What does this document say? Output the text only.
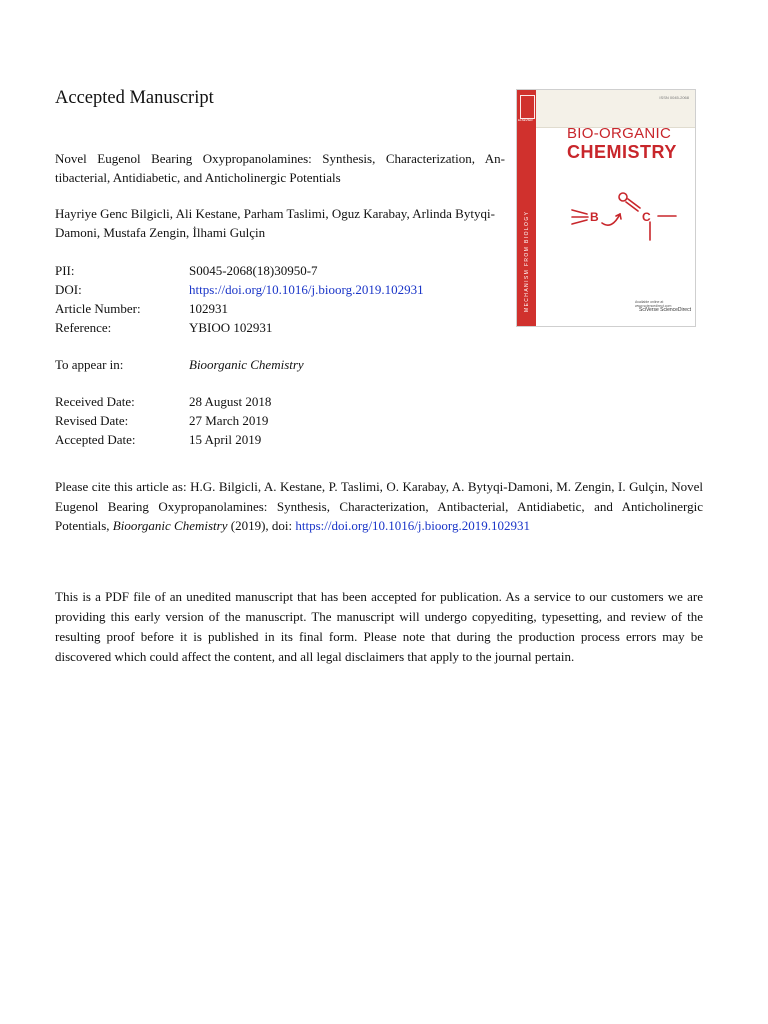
Accepted Manuscript
Novel Eugenol Bearing Oxypropanolamines: Synthesis, Characterization, An-tibacterial, Antidiabetic, and Anticholinergic Potentials
Hayriye Genc Bilgicli, Ali Kestane, Parham Taslimi, Oguz Karabay, Arlinda Bytyqi-Damoni, Mustafa Zengin, İlhami Gulçin
PII:	S0045-2068(18)30950-7
DOI:	https://doi.org/10.1016/j.bioorg.2019.102931
Article Number:	102931
Reference:	YBIOO 102931
To appear in:	Bioorganic Chemistry
Received Date:	28 August 2018
Revised Date:	27 March 2019
Accepted Date:	15 April 2019
Please cite this article as: H.G. Bilgicli, A. Kestane, P. Taslimi, O. Karabay, A. Bytyqi-Damoni, M. Zengin, I. Gulçin, Novel Eugenol Bearing Oxypropanolamines: Synthesis, Characterization, Antibacterial, Antidiabetic, and Anticholinergic Potentials, Bioorganic Chemistry (2019), doi: https://doi.org/10.1016/j.bioorg.2019.102931
This is a PDF file of an unedited manuscript that has been accepted for publication. As a service to our customers we are providing this early version of the manuscript. The manuscript will undergo copyediting, typesetting, and review of the resulting proof before it is published in its final form. Please note that during the production process errors may be discovered which could affect the content, and all legal disclaimers that apply to the journal pertain.
ISSN 0045-2068
ELSEVIER
MECHANISM FROM BIOLOGY
BIO-ORGANIC
CHEMISTRY
B	C
Available online at www.sciencedirect.com
SciVerse ScienceDirect
